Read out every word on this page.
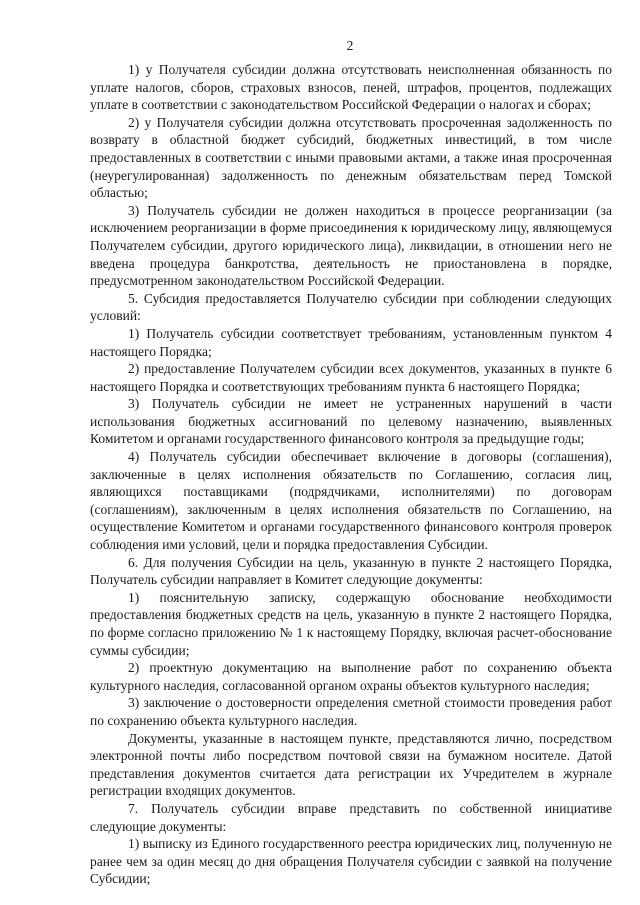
2

1) у Получателя субсидии должна отсутствовать неисполненная обязанность по уплате налогов, сборов, страховых взносов, пеней, штрафов, процентов, подлежащих уплате в соответствии с законодательством Российской Федерации о налогах и сборах;

2) у Получателя субсидии должна отсутствовать просроченная задолженность по возврату в областной бюджет субсидий, бюджетных инвестиций, в том числе предоставленных в соответствии с иными правовыми актами, а также иная просроченная (неурегулированная) задолженность по денежным обязательствам перед Томской областью;

3) Получатель субсидии не должен находиться в процессе реорганизации (за исключением реорганизации в форме присоединения к юридическому лицу, являющемуся Получателем субсидии, другого юридического лица), ликвидации, в отношении него не введена процедура банкротства, деятельность не приостановлена в порядке, предусмотренном законодательством Российской Федерации.

5. Субсидия предоставляется Получателю субсидии при соблюдении следующих условий:

1) Получатель субсидии соответствует требованиям, установленным пунктом 4 настоящего Порядка;

2) предоставление Получателем субсидии всех документов, указанных в пункте 6 настоящего Порядка и соответствующих требованиям пункта 6 настоящего Порядка;

3) Получатель субсидии не имеет не устраненных нарушений в части использования бюджетных ассигнований по целевому назначению, выявленных Комитетом и органами государственного финансового контроля за предыдущие годы;

4) Получатель субсидии обеспечивает включение в договоры (соглашения), заключенные в целях исполнения обязательств по Соглашению, согласия лиц, являющихся поставщиками (подрядчиками, исполнителями) по договорам (соглашениям), заключенным в целях исполнения обязательств по Соглашению, на осуществление Комитетом и органами государственного финансового контроля проверок соблюдения ими условий, цели и порядка предоставления Субсидии.

6. Для получения Субсидии на цель, указанную в пункте 2 настоящего Порядка, Получатель субсидии направляет в Комитет следующие документы:

1) пояснительную записку, содержащую обоснование необходимости предоставления бюджетных средств на цель, указанную в пункте 2 настоящего Порядка, по форме согласно приложению № 1 к настоящему Порядку, включая расчет-обоснование суммы субсидии;

2) проектную документацию на выполнение работ по сохранению объекта культурного наследия, согласованной органом охраны объектов культурного наследия;

3) заключение о достоверности определения сметной стоимости проведения работ по сохранению объекта культурного наследия.

Документы, указанные в настоящем пункте, представляются лично, посредством электронной почты либо посредством почтовой связи на бумажном носителе. Датой представления документов считается дата регистрации их Учредителем в журнале регистрации входящих документов.

7. Получатель субсидии вправе представить по собственной инициативе следующие документы:

1) выписку из Единого государственного реестра юридических лиц, полученную не ранее чем за один месяц до дня обращения Получателя субсидии с заявкой на получение Субсидии;
